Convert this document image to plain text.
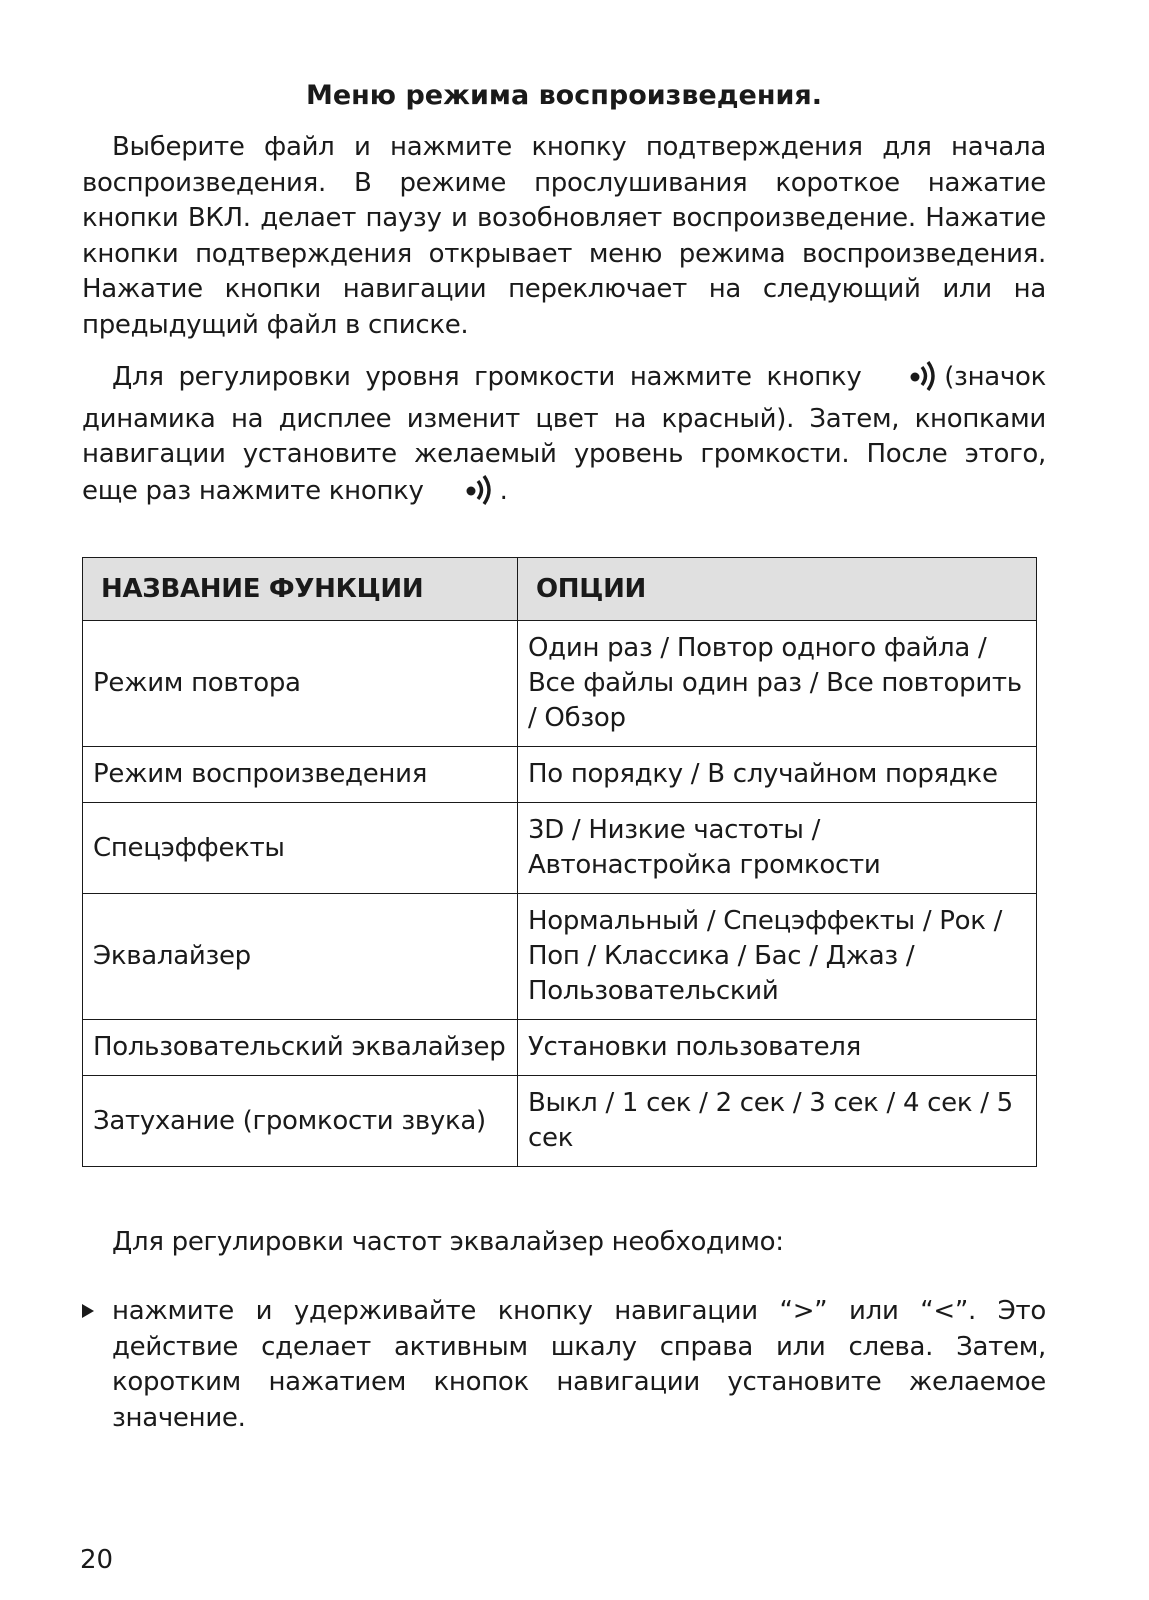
Меню режима воспроизведения.

Выберите файл и нажмите кнопку подтверждения для начала воспроизведения. В режиме прослушивания короткое нажатие кнопки ВКЛ. делает паузу и возобновляет воспроизведение. Нажатие кнопки подтверждения открывает меню режима воспроизведения. Нажатие кнопки навигации переключает на следующий или на предыдущий файл в списке.

Для регулировки уровня громкости нажмите кнопку	(значок динамика на дисплее изменит цвет на красный). Затем, кнопками навигации установите желаемый уровень громкости. После этого, еще раз нажмите кнопку	.

НАЗВАНИЕ ФУНКЦИИ	ОПЦИИ
Режим повтора	Один раз / Повтор одного файла / Все файлы один раз / Все повторить / Обзор
Режим воспроизведения	По порядку / В случайном порядке
Спецэффекты	3D / Низкие частоты / Автонастройка громкости
Эквалайзер	Нормальный / Спецэффекты / Рок / Поп / Классика / Бас / Джаз / Пользовательский
Пользовательский эквалайзер	Установки пользователя
Затухание (громкости звука)	Выкл / 1 сек / 2 сек / 3 сек / 4 сек / 5 сек

Для регулировки частот эквалайзер необходимо:

нажмите и удерживайте кнопку навигации “>” или “<”. Это действие сделает активным шкалу справа или слева. Затем, коротким нажатием кнопок навигации установите желаемое значение.
20
